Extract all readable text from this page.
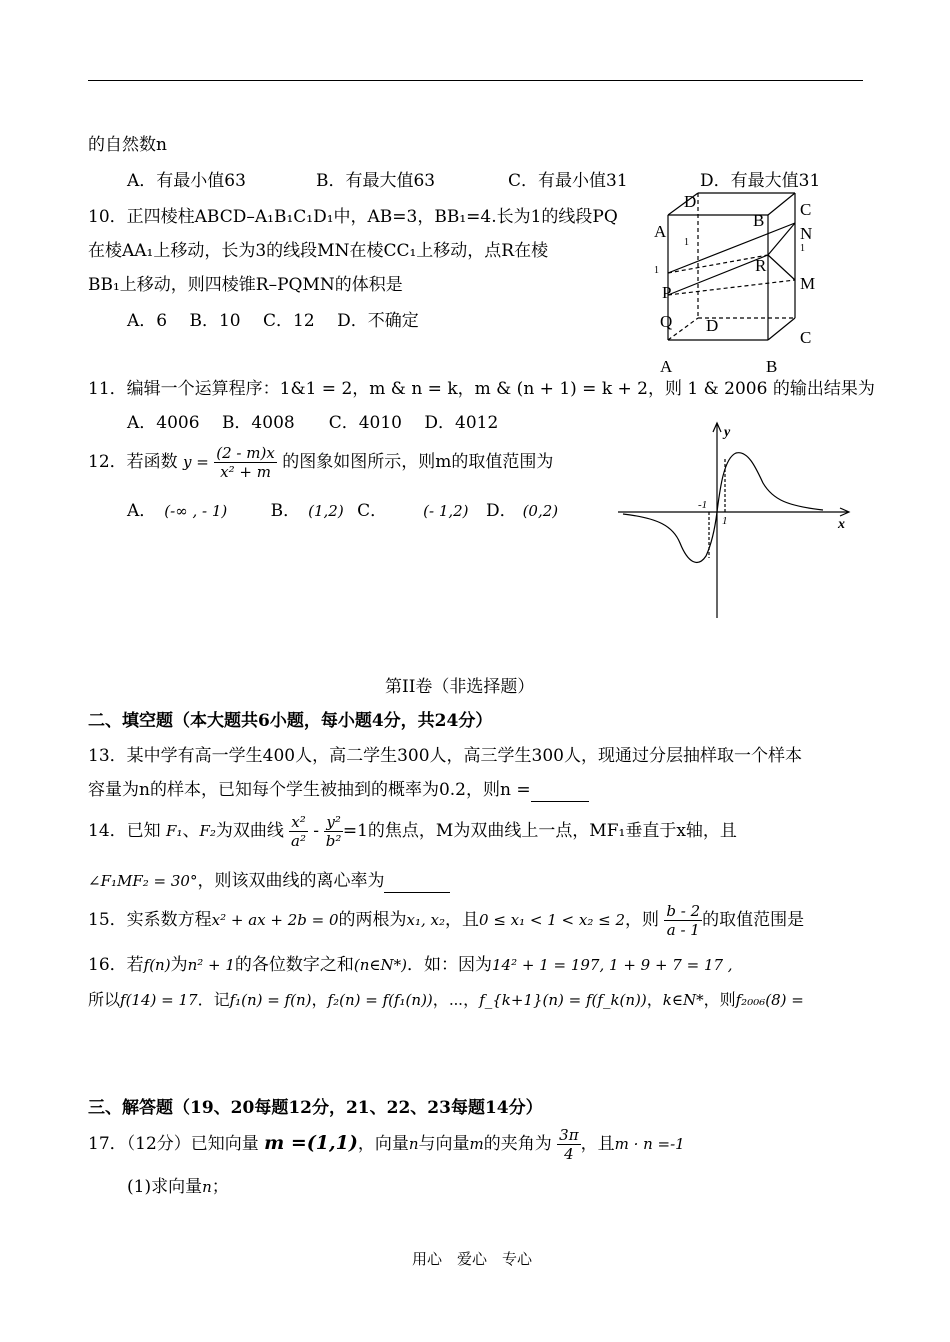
的自然数n
A．有最小值63	B．有最大值63	C．有最小值31	D．有最大值31
10．正四棱柱ABCD–A₁B₁C₁D₁中，AB=3，BB₁=4.长为1的线段PQ
在棱AA₁上移动，长为3的线段MN在棱CC₁上移动，点R在棱
BB₁上移动，则四棱锥R–PQMN的体积是
A．6　 B．10　 C．12　 D．不确定
D
B
C
A	N
1
1
1
R
P	M
Q D
C
A	B
11．编辑一个运算程序：1&1 = 2，m & n = k，m & (n + 1) = k + 2，则 1 & 2006 的输出结果为
A．4006　 B．4008　　C．4010　 D．4012
12．若函数 $y = \frac{(2 - m)x}{\text{x² + m}}$ 的图象如图所示，则m的取值范围为
A． (-∞ , - 1)	B． (1,2) C． (- 1,2) D． (0,2)
y
x
-1
1
第II卷（非选择题）
二、填空题（本大题共6小题，每小题4分，共24分）
13．某中学有高一学生400人，高二学生300人，高三学生300人，现通过分层抽样取一个样本
容量为n的样本，已知每个学生被抽到的概率为0.2，则n =
14．已知 F₁、F₂为双曲线 $\frac{\text{x²}}{\text{a²}} - \frac{\text{y²}}{\text{b²}} =1$的焦点，M为双曲线上一点，MF₁垂直于x轴，且
∠F₁MF₂ = 30°，则该双曲线的离心率为
15．实系数方程x² + ax + 2b = 0的两根为x₁, x₂，且0 ≤ x₁ < 1 < x₂ ≤ 2，则 $\frac{b - 2}{a - 1}$ 的取值范围是
16．若f(n)为n² + 1的各位数字之和(n∈N*)．如：因为14² + 1 = 197, 1 + 9 + 7 = 17 ,
所以f(14) = 17．记f₁(n) = f(n)，f₂(n) = f(f₁(n))，⋯，f_{k+1}(n) = f(f_k(n))，k∈N*，则f₂₀₀₆(8) =
三、解答题（19、20每题12分，21、22、23每题14分）
17．（12分）已知向量 m =(1,1)，向量n与向量m的夹角为 $\frac{3\pi}{4}$ ，且m · n =-1
(1)求向量n；
用心　爱心　专心
